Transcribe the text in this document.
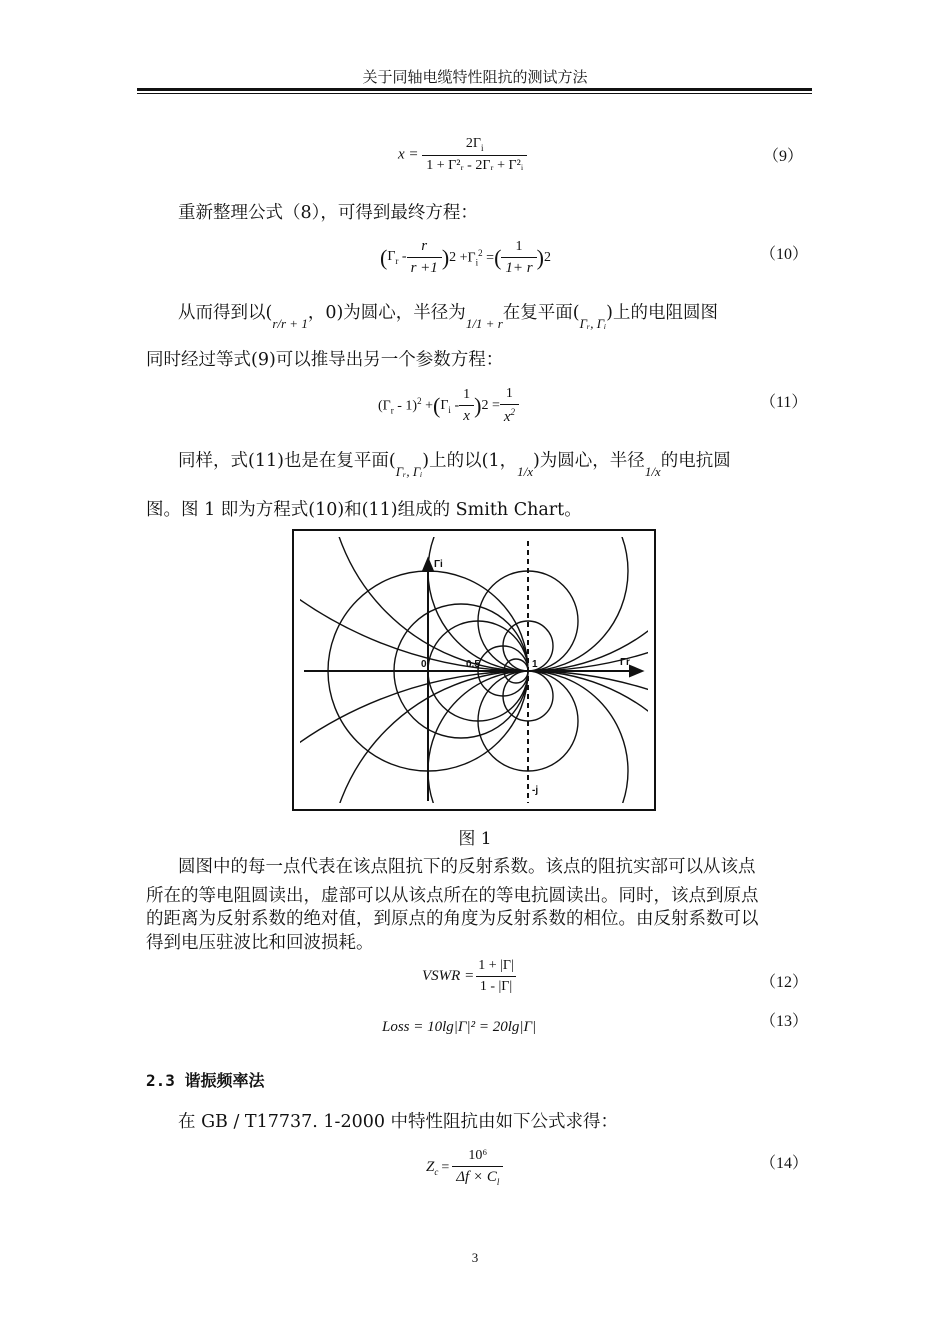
关于同轴电缆特性阻抗的测试方法
$x = \frac{2\Gamma_i}{\text{1 + Γ²ᵣ - 2Γᵣ + Γ²ᵢ}}$	（9）
重新整理公式（8），可得到最终方程：
( $\Gamma_r - \frac{r}{r +1}$ ) $2 +\Gamma_i^2$ = ( $\frac{1}{1+ r}$ ) 2	（10）
从而得到以($_{r/r + 1}$，0)为圆心，半径为$_{1/1 + r}$在复平面$(_{\Gamma ᵣ, \Gamma ᵢ})$上的电阻圆图
同时经过等式(9)可以推导出另一个参数方程：
$(\Gamma_r - 1)^2$ + ( $\Gamma_i - \frac{1}{x}$ ) $2 = \frac{1}{x^2}$	（11）
同样，式(11)也是在复平面$(_{\Gamma ᵣ, \Gamma ᵢ})$上的以(1，$_{1/x}$)为圆心，半径$_{1/x}$的电抗圆
图。图 1 即为方程式(10)和(11)组成的 Smith Chart。
Γi
Γr
0	0.5	1
-j
图 1
圆图中的每一点代表在该点阻抗下的反射系数。该点的阻抗实部可以从该点
所在的等电阻圆读出，虚部可以从该点所在的等电抗圆读出。同时，该点到原点
的距离为反射系数的绝对值，到原点的角度为反射系数的相位。由反射系数可以
得到电压驻波比和回波损耗。
VSWR = $\frac{1 + |\Gamma|}{1 - |\Gamma|}$	（12）
Loss = 10lg|Γ|² = 20lg|Γ|	（13）
2.3 谐振频率法
在 GB / T17737. 1-2000 中特性阻抗由如下公式求得：
$Z_c = \frac{\text{10⁶}}{\Delta f \times C_l}$	（14）
3
